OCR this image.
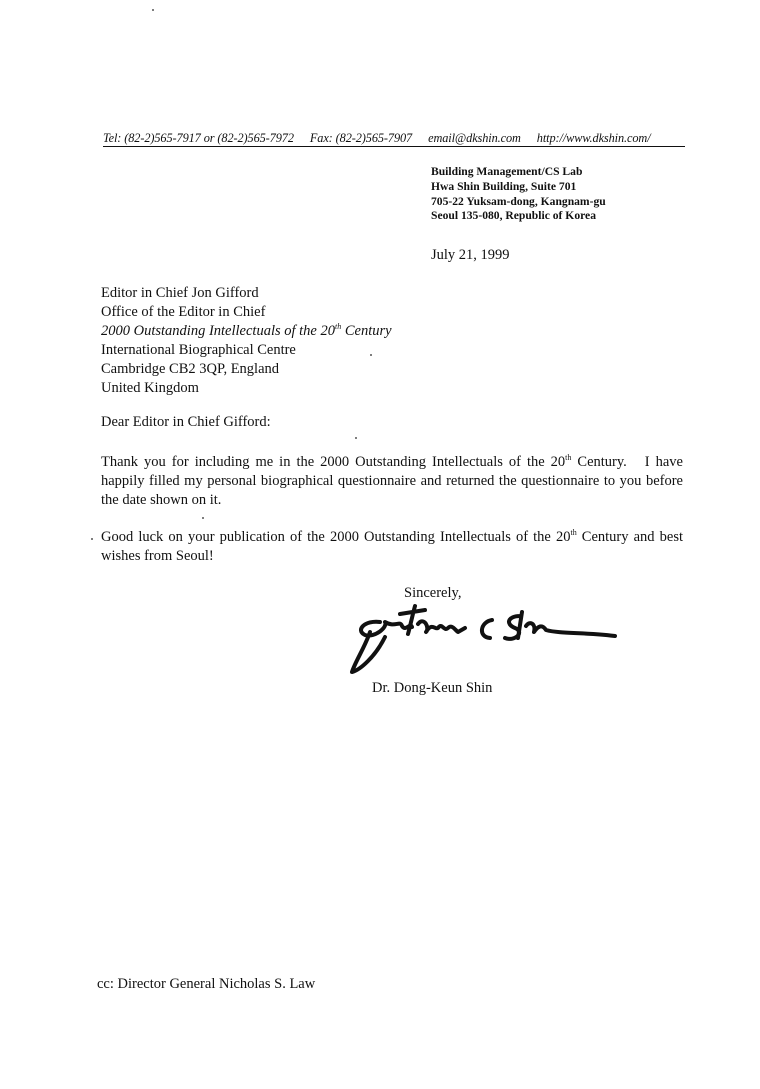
Tel: (82-2)565-7917 or (82-2)565-7972 Fax: (82-2)565-7907 email@dkshin.com http://www.dkshin.com/
Building Management/CS Lab
Hwa Shin Building, Suite 701
705-22 Yuksam-dong, Kangnam-gu
Seoul 135-080, Republic of Korea
July 21, 1999
Editor in Chief Jon Gifford
Office of the Editor in Chief
2000 Outstanding Intellectuals of the 20th Century
International Biographical Centre
Cambridge CB2 3QP, England
United Kingdom
Dear Editor in Chief Gifford:
Thank you for including me in the 2000 Outstanding Intellectuals of the 20th Century.   I have happily filled my personal biographical questionnaire and returned the questionnaire to you before the date shown on it.
Good luck on your publication of the 2000 Outstanding Intellectuals of the 20th Century and best wishes from Seoul!
Sincerely,
Dr. Dong-Keun Shin
cc: Director General Nicholas S. Law
